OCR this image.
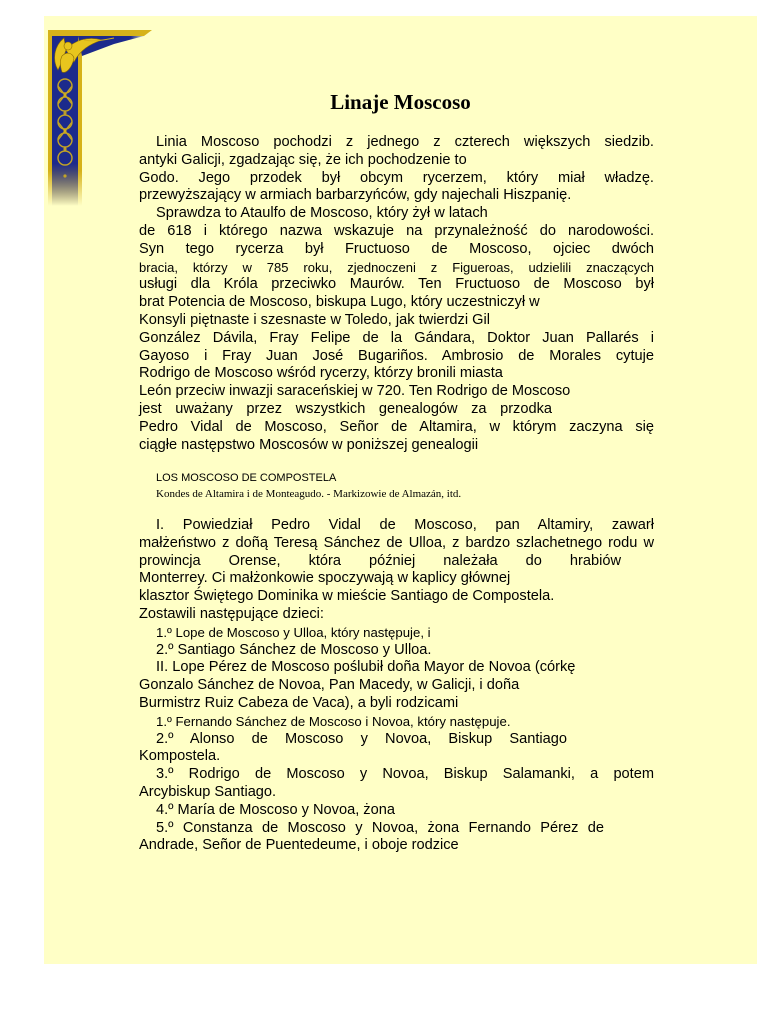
Linaje Moscoso
Linia Moscoso pochodzi z jednego z czterech większych siedzib.
antyki Galicji, zgadzając się, że ich pochodzenie to
Godo. Jego przodek był obcym rycerzem, który miał władzę.
przewyższający w armiach barbarzyńców, gdy najechali Hiszpanię.
Sprawdza to Ataulfo de Moscoso, który żył w latach
de 618 i którego nazwa wskazuje na przynależność do narodowości.
Syn tego rycerza był Fructuoso de Moscoso, ojciec dwóch
bracia, którzy w 785 roku, zjednoczeni z Figueroas, udzielili znaczących
usługi dla Króla przeciwko Maurów. Ten Fructuoso de Moscoso był
brat Potencia de Moscoso, biskupa Lugo, który uczestniczył w
Konsyli piętnaste i szesnaste w Toledo, jak twierdzi Gil
González Dávila, Fray Felipe de la Gándara, Doktor Juan Pallarés i
Gayoso i Fray Juan José Bugariños. Ambrosio de Morales cytuje
Rodrigo de Moscoso wśród rycerzy, którzy bronili miasta
León przeciw inwazji saraceńskiej w 720. Ten Rodrigo de Moscoso
jest uważany przez wszystkich genealogów za przodka
Pedro Vidal de Moscoso, Señor de Altamira, w którym zaczyna się
ciągłe następstwo Moscosów w poniższej genealogii

LOS MOSCOSO DE COMPOSTELA

Kondes de Altamira i de Monteagudo. - Markizowie de Almazán, itd.

I. Powiedział Pedro Vidal de Moscoso, pan Altamiry, zawarł
małżeństwo z doñą Teresą Sánchez de Ulloa, z bardzo szlachetnego rodu w
prowincja Orense, która później należała do hrabiów
Monterrey. Ci małżonkowie spoczywają w kaplicy głównej
klasztor Świętego Dominika w mieście Santiago de Compostela.
Zostawili następujące dzieci:
1.º Lope de Moscoso y Ulloa, który następuje, i
2.º Santiago Sánchez de Moscoso y Ulloa.
II. Lope Pérez de Moscoso poślubił doña Mayor de Novoa (córkę
Gonzalo Sánchez de Novoa, Pan Macedy, w Galicji, i doña
Burmistrz Ruiz Cabeza de Vaca), a byli rodzicami
1.º Fernando Sánchez de Moscoso i Novoa, który następuje.
2.º Alonso de Moscoso y Novoa, Biskup Santiago
Kompostela.
3.º Rodrigo de Moscoso y Novoa, Biskup Salamanki, a potem
Arcybiskup Santiago.
4.º María de Moscoso y Novoa, żona
5.º Constanza de Moscoso y Novoa, żona Fernando Pérez de
Andrade, Señor de Puentedeume, i oboje rodzice
